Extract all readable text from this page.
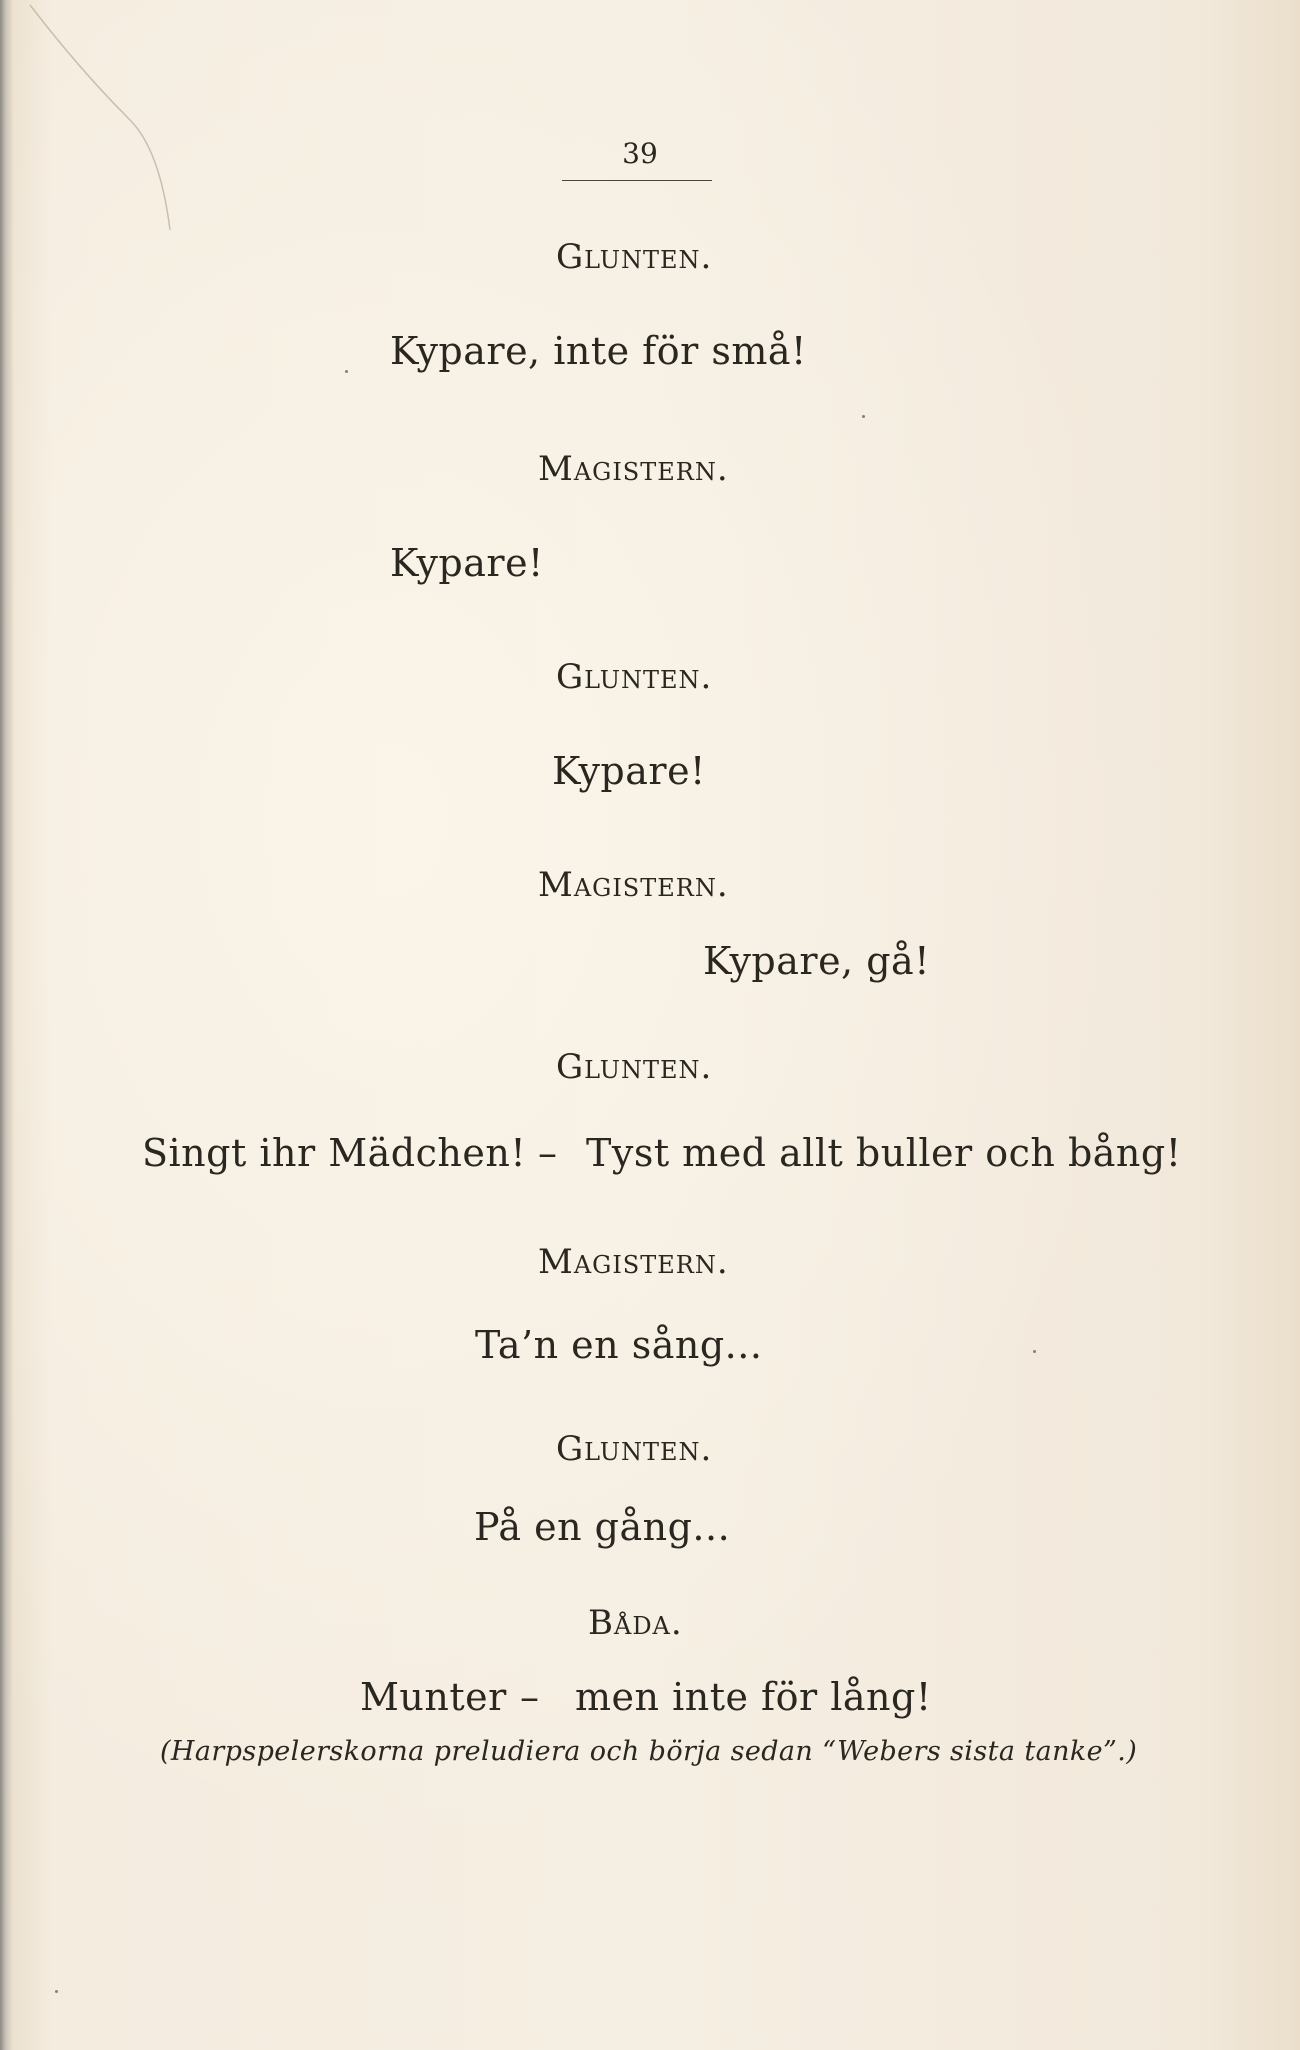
39
Glunten.
Kypare, inte för små!
Magistern.
Kypare!
Glunten.
Kypare!
Magistern.
Kypare, gå!
Glunten.
Singt ihr Mädchen! – Tyst med allt buller och bång!
Magistern.
Ta’n en sång...
Glunten.
På en gång...
Båda.
Munter – men inte för lång!
(Harpspelerskorna preludiera och börja sedan “Webers sista tanke”.)
